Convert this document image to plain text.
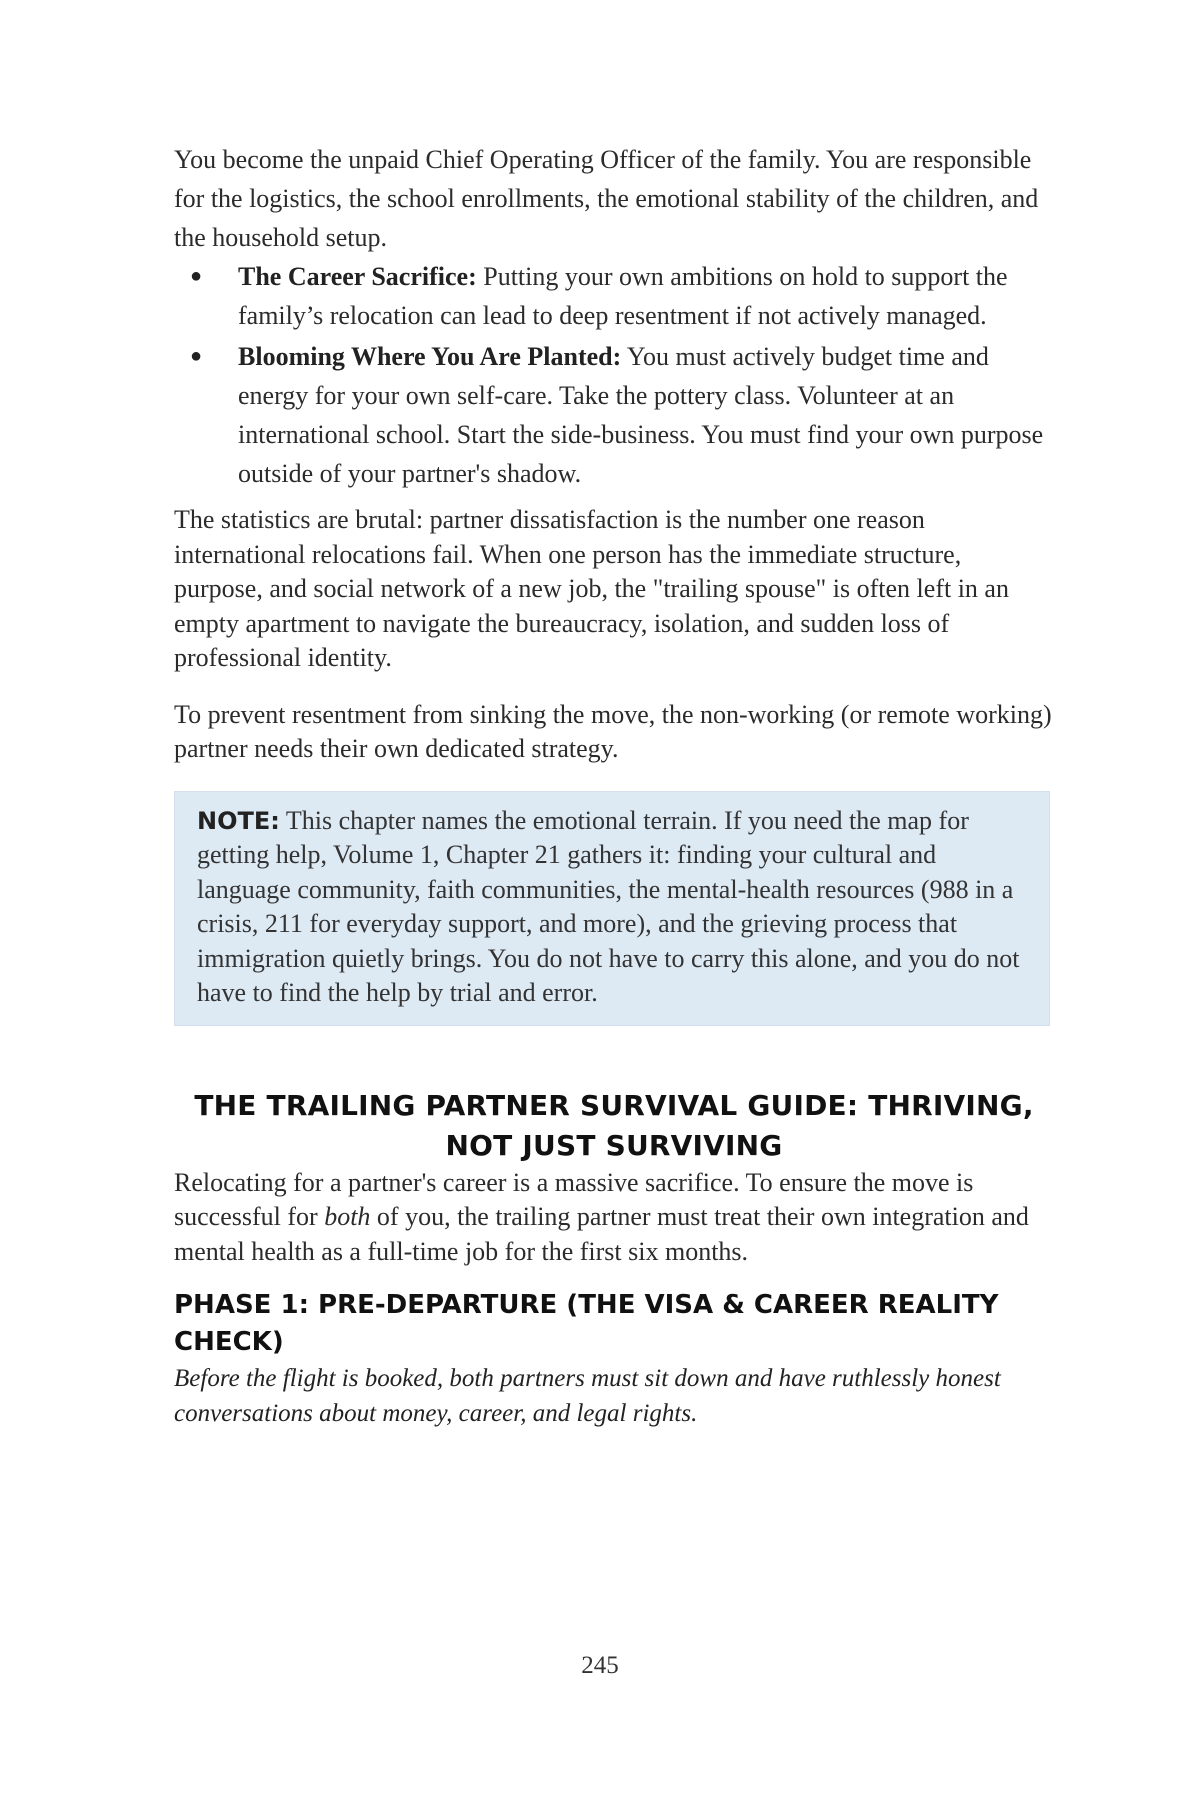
You become the unpaid Chief Operating Officer of the family. You are responsible for the logistics, the school enrollments, the emotional stability of the children, and the household setup.

● The Career Sacrifice: Putting your own ambitions on hold to support the family’s relocation can lead to deep resentment if not actively managed.
● Blooming Where You Are Planted: You must actively budget time and energy for your own self-care. Take the pottery class. Volunteer at an international school. Start the side-business. You must find your own purpose outside of your partner's shadow.

The statistics are brutal: partner dissatisfaction is the number one reason international relocations fail. When one person has the immediate structure, purpose, and social network of a new job, the "trailing spouse" is often left in an empty apartment to navigate the bureaucracy, isolation, and sudden loss of professional identity.

To prevent resentment from sinking the move, the non-working (or remote working) partner needs their own dedicated strategy.

NOTE: This chapter names the emotional terrain. If you need the map for getting help, Volume 1, Chapter 21 gathers it: finding your cultural and language community, faith communities, the mental-health resources (988 in a crisis, 211 for everyday support, and more), and the grieving process that immigration quietly brings. You do not have to carry this alone, and you do not have to find the help by trial and error.
THE TRAILING PARTNER SURVIVAL GUIDE: THRIVING, NOT JUST SURVIVING

Relocating for a partner's career is a massive sacrifice. To ensure the move is successful for both of you, the trailing partner must treat their own integration and mental health as a full-time job for the first six months.

PHASE 1: PRE-DEPARTURE (THE VISA & CAREER REALITY CHECK)

Before the flight is booked, both partners must sit down and have ruthlessly honest conversations about money, career, and legal rights.

245
